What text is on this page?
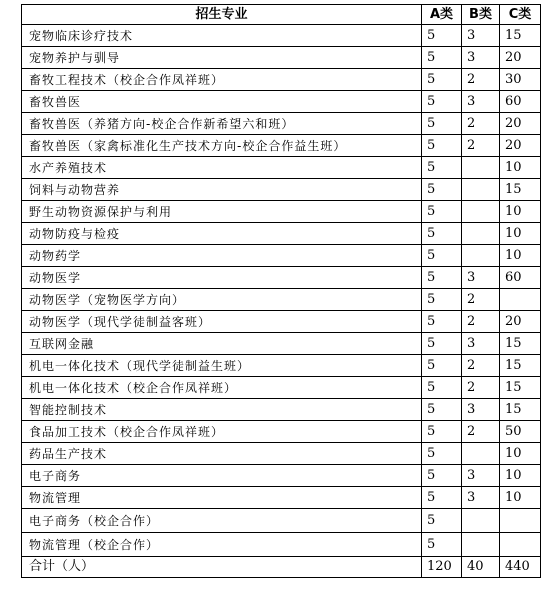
招生专业	A类	B类	C类
宠物临床诊疗技术	5	3	15
宠物养护与驯导	5	3	20
畜牧工程技术（校企合作凤祥班）	5	2	30
畜牧兽医	5	3	60
畜牧兽医（养猪方向-校企合作新希望六和班）	5	2	20
畜牧兽医（家禽标准化生产技术方向-校企合作益生班）	5	2	20
水产养殖技术	5		10
饲料与动物营养	5		15
野生动物资源保护与利用	5		10
动物防疫与检疫	5		10
动物药学	5		10
动物医学	5	3	60
动物医学（宠物医学方向）	5	2	
动物医学（现代学徒制益客班）	5	2	20
互联网金融	5	3	15
机电一体化技术（现代学徒制益生班）	5	2	15
机电一体化技术（校企合作凤祥班）	5	2	15
智能控制技术	5	3	15
食品加工技术（校企合作凤祥班）	5	2	50
药品生产技术	5		10
电子商务	5	3	10
物流管理	5	3	10
电子商务（校企合作）	5		
物流管理（校企合作）	5		
合计（人）	120	40	440
